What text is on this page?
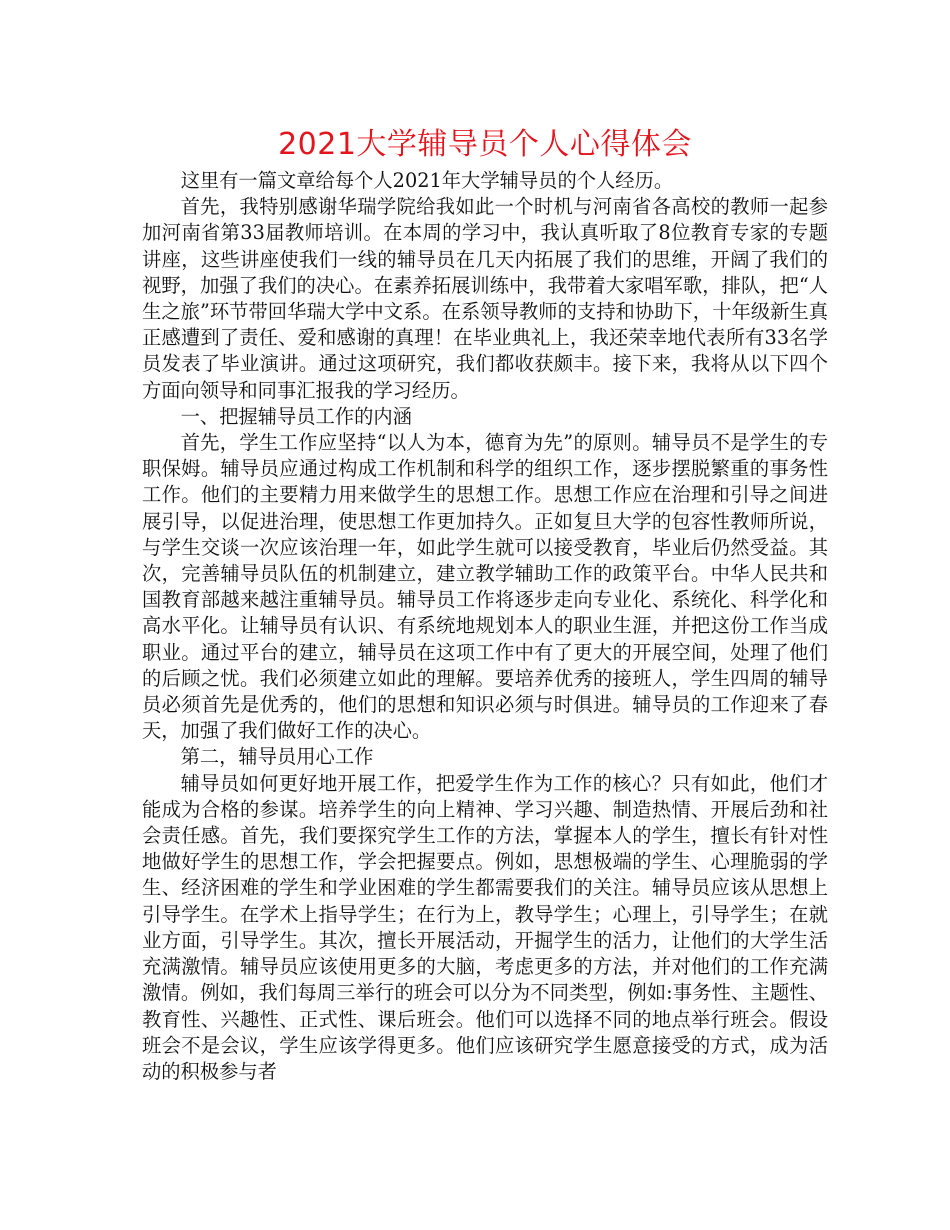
2021大学辅导员个人心得体会

这里有一篇文章给每个人2021年大学辅导员的个人经历。

首先，我特别感谢华瑞学院给我如此一个时机与河南省各高校的教师一起参加河南省第33届教师培训。在本周的学习中，我认真听取了8位教育专家的专题讲座，这些讲座使我们一线的辅导员在几天内拓展了我们的思维，开阔了我们的视野，加强了我们的决心。在素养拓展训练中，我带着大家唱军歌，排队，把“人生之旅”环节带回华瑞大学中文系。在系领导教师的支持和协助下，十年级新生真正感遭到了责任、爱和感谢的真理！在毕业典礼上，我还荣幸地代表所有33名学员发表了毕业演讲。通过这项研究，我们都收获颇丰。接下来，我将从以下四个方面向领导和同事汇报我的学习经历。

一、把握辅导员工作的内涵

首先，学生工作应坚持“以人为本，德育为先”的原则。辅导员不是学生的专职保姆。辅导员应通过构成工作机制和科学的组织工作，逐步摆脱繁重的事务性工作。他们的主要精力用来做学生的思想工作。思想工作应在治理和引导之间进展引导，以促进治理，使思想工作更加持久。正如复旦大学的包容性教师所说，与学生交谈一次应该治理一年，如此学生就可以接受教育，毕业后仍然受益。其次，完善辅导员队伍的机制建立，建立教学辅助工作的政策平台。中华人民共和国教育部越来越注重辅导员。辅导员工作将逐步走向专业化、系统化、科学化和高水平化。让辅导员有认识、有系统地规划本人的职业生涯，并把这份工作当成职业。通过平台的建立，辅导员在这项工作中有了更大的开展空间，处理了他们的后顾之忧。我们必须建立如此的理解。要培养优秀的接班人，学生四周的辅导员必须首先是优秀的，他们的思想和知识必须与时俱进。辅导员的工作迎来了春天，加强了我们做好工作的决心。

第二，辅导员用心工作

辅导员如何更好地开展工作，把爱学生作为工作的核心？只有如此，他们才能成为合格的参谋。培养学生的向上精神、学习兴趣、制造热情、开展后劲和社会责任感。首先，我们要探究学生工作的方法，掌握本人的学生，擅长有针对性地做好学生的思想工作，学会把握要点。例如，思想极端的学生、心理脆弱的学生、经济困难的学生和学业困难的学生都需要我们的关注。辅导员应该从思想上引导学生。在学术上指导学生；在行为上，教导学生；心理上，引导学生；在就业方面，引导学生。其次，擅长开展活动，开掘学生的活力，让他们的大学生活充满激情。辅导员应该使用更多的大脑，考虑更多的方法，并对他们的工作充满激情。例如，我们每周三举行的班会可以分为不同类型，例如:事务性、主题性、教育性、兴趣性、正式性、课后班会。他们可以选择不同的地点举行班会。假设班会不是会议，学生应该学得更多。他们应该研究学生愿意接受的方式，成为活动的积极参与者
